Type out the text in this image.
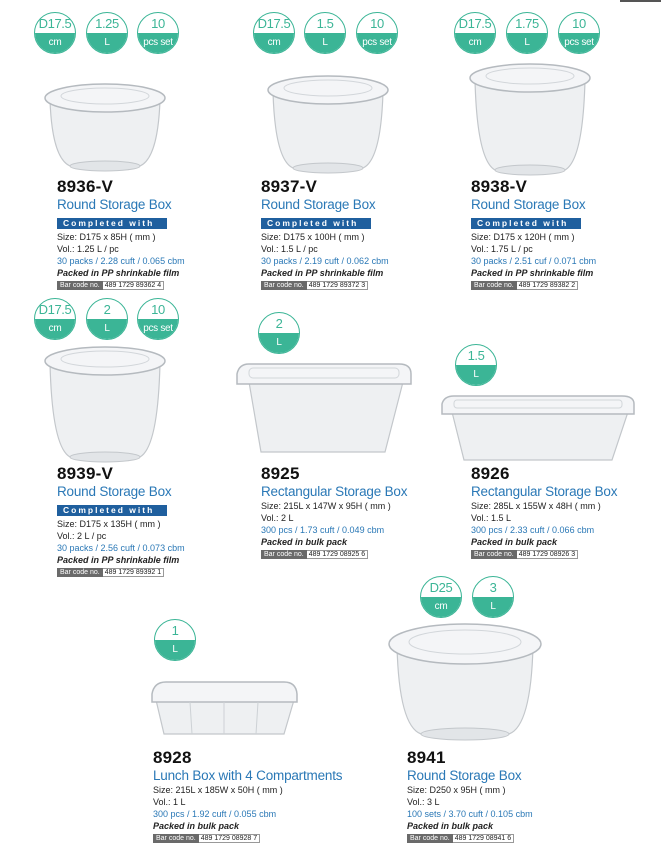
D17.5
cm
1.25
L
10
pcs set
8936-V
Round Storage Box
Completed with
Size: D175 x 85H ( mm )
Vol.: 1.25 L / pc
30 packs / 2.28 cuft / 0.065 cbm
Packed in PP shrinkable film
Bar code no. 489 1729 89362 4
D17.5
cm
1.5
L
10
pcs set
8937-V
Round Storage Box
Completed with
Size: D175 x 100H ( mm )
Vol.: 1.5 L / pc
30 packs / 2.19 cuft / 0.062 cbm
Packed in PP shrinkable film
Bar code no. 489 1729 89372 3
D17.5
cm
1.75
L
10
pcs set
8938-V
Round Storage Box
Completed with
Size: D175 x 120H ( mm )
Vol.: 1.75 L / pc
30 packs / 2.51 cuf / 0.071 cbm
Packed in PP shrinkable film
Bar code no. 489 1729 89382 2
D17.5
cm
2
L
10
pcs set
8939-V
Round Storage Box
Completed with
Size: D175 x 135H ( mm )
Vol.: 2 L / pc
30 packs / 2.56 cuft / 0.073 cbm
Packed in PP shrinkable film
Bar code no. 489 1729 89392 1
2
L
8925
Rectangular Storage Box
Size: 215L x 147W x 95H ( mm )
Vol.: 2 L
300 pcs / 1.73 cuft / 0.049 cbm
Packed in bulk pack
Bar code no. 489 1729 08925 6
1.5
L
8926
Rectangular Storage Box
Size: 285L x 155W x 48H ( mm )
Vol.: 1.5 L
300 pcs / 2.33 cuft / 0.066 cbm
Packed in bulk pack
Bar code no. 489 1729 08926 3
1
L
8928
Lunch Box with 4 Compartments
Size: 215L x 185W x 50H ( mm )
Vol.: 1 L
300 pcs / 1.92 cuft / 0.055 cbm
Packed in bulk pack
Bar code no. 489 1729 08928 7
D25
cm
3
L
8941
Round Storage Box
Size: D250 x 95H ( mm )
Vol.: 3 L
100 sets / 3.70 cuft / 0.105 cbm
Packed in bulk pack
Bar code no. 489 1729 08941 6
